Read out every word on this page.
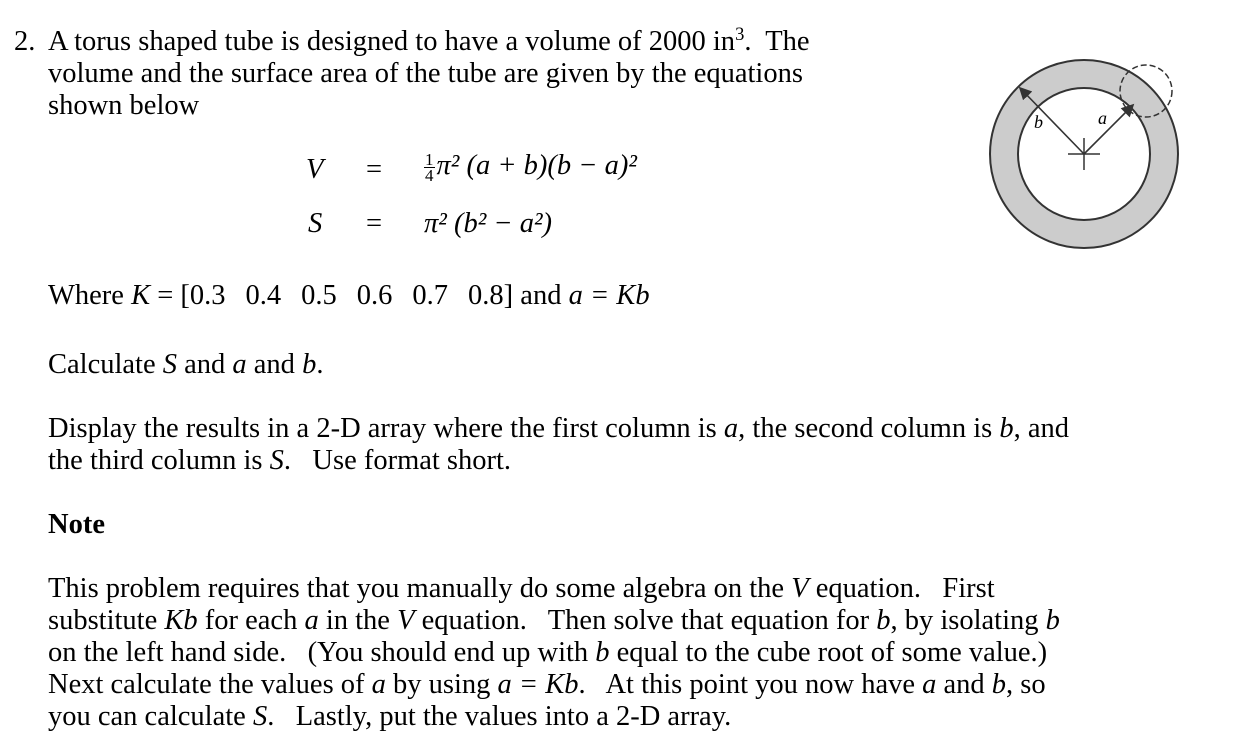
2. A torus shaped tube is designed to have a volume of 2000 $in^3$.  The
volume and the surface area of the tube are given by the equations
shown below
$V = \frac{1}{4} \pi^2$ (a + b)(b − a)²
S = π² (b² − a²)
Where K = [0.3 0.4 0.5 0.6 0.7 0.8] and a = Kb
Calculate S and a and b.
Display the results in a 2-D array where the first column is a, the second column is b, and
the third column is S.   Use format short.
Note
This problem requires that you manually do some algebra on the V equation.   First
substitute Kb for each a in the V equation.   Then solve that equation for b, by isolating b
on the left hand side.   (You should end up with b equal to the cube root of some value.)
Next calculate the values of a by using a = Kb.   At this point you now have a and b, so
you can calculate S.   Lastly, put the values into a 2-D array.
b	a
